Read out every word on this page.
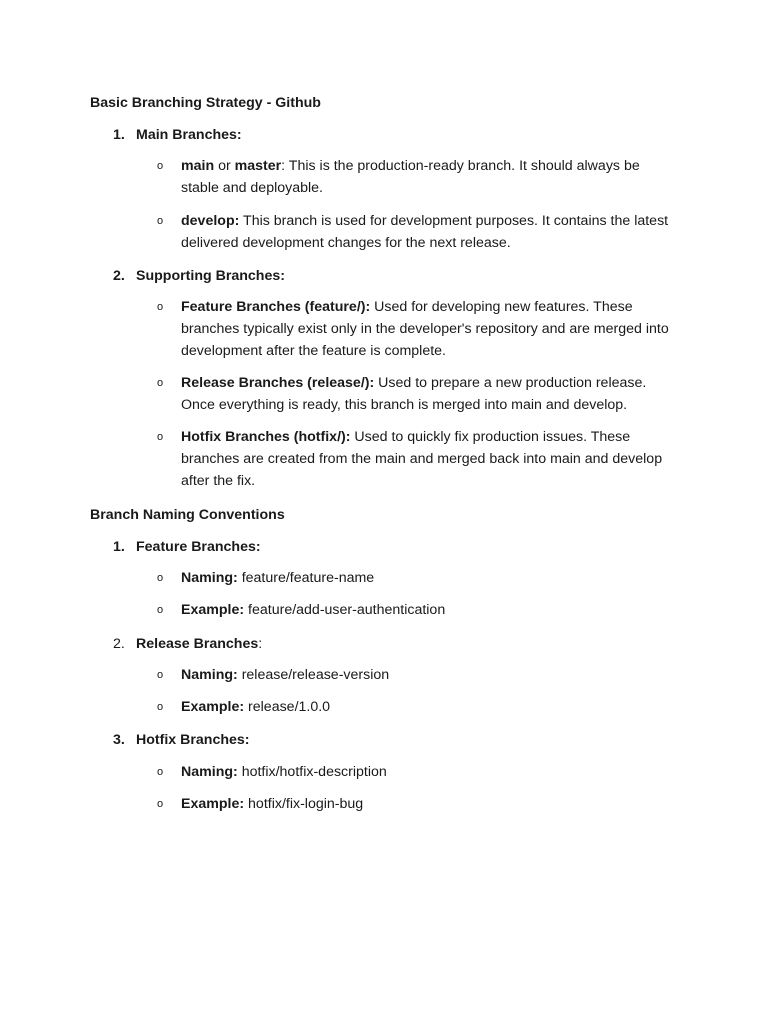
Basic Branching Strategy - Github
1. Main Branches:
o main or master: This is the production-ready branch. It should always be stable and deployable.
o develop: This branch is used for development purposes. It contains the latest delivered development changes for the next release.
2. Supporting Branches:
o Feature Branches (feature/): Used for developing new features. These branches typically exist only in the developer's repository and are merged into development after the feature is complete.
o Release Branches (release/): Used to prepare a new production release. Once everything is ready, this branch is merged into main and develop.
o Hotfix Branches (hotfix/): Used to quickly fix production issues. These branches are created from the main and merged back into main and develop after the fix.
Branch Naming Conventions
1. Feature Branches:
o Naming: feature/feature-name
o Example: feature/add-user-authentication
2. Release Branches:
o Naming: release/release-version
o Example: release/1.0.0
3. Hotfix Branches:
o Naming: hotfix/hotfix-description
o Example: hotfix/fix-login-bug
